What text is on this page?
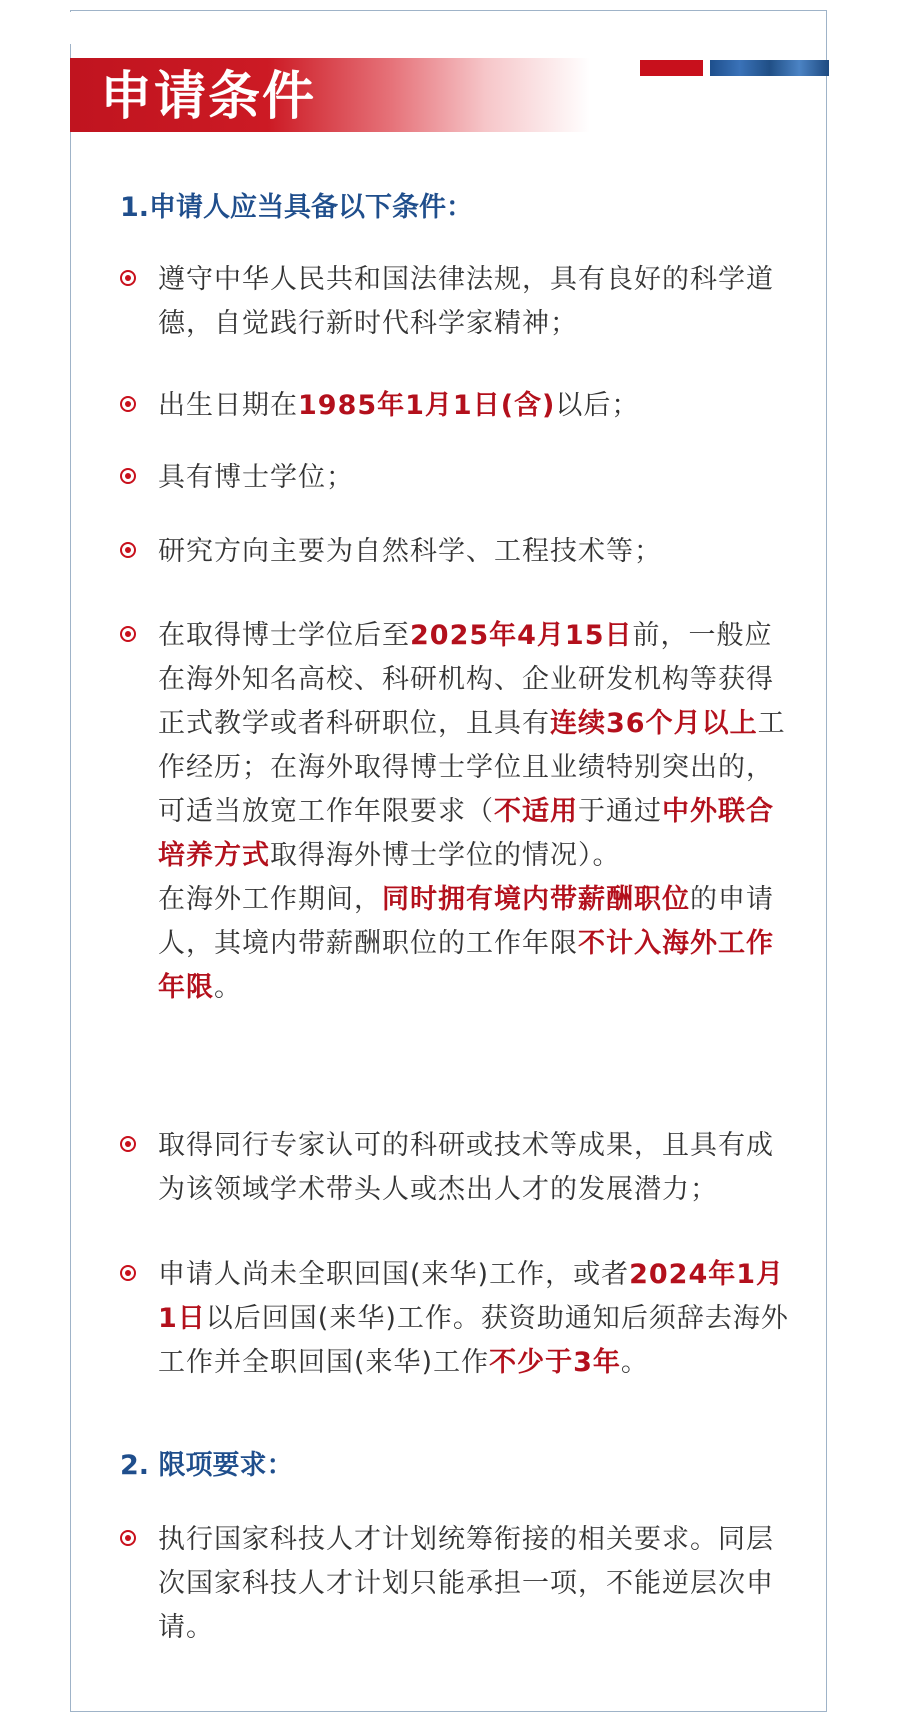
申请条件
1.申请人应当具备以下条件：
遵守中华人民共和国法律法规，具有良好的科学道德，自觉践行新时代科学家精神；
出生日期在1985年1月1日(含)以后；
具有博士学位；
研究方向主要为自然科学、工程技术等；
在取得博士学位后至2025年4月15日前，一般应在海外知名高校、科研机构、企业研发机构等获得正式教学或者科研职位，且具有连续36个月以上工作经历；在海外取得博士学位且业绩特别突出的，可适当放宽工作年限要求（不适用于通过中外联合培养方式取得海外博士学位的情况）。
在海外工作期间，同时拥有境内带薪酬职位的申请人，其境内带薪酬职位的工作年限不计入海外工作年限。
取得同行专家认可的科研或技术等成果，且具有成为该领域学术带头人或杰出人才的发展潜力；
申请人尚未全职回国(来华)工作，或者2024年1月1日以后回国(来华)工作。获资助通知后须辞去海外工作并全职回国(来华)工作不少于3年。
2. 限项要求：
执行国家科技人才计划统筹衔接的相关要求。同层次国家科技人才计划只能承担一项，不能逆层次申请。
